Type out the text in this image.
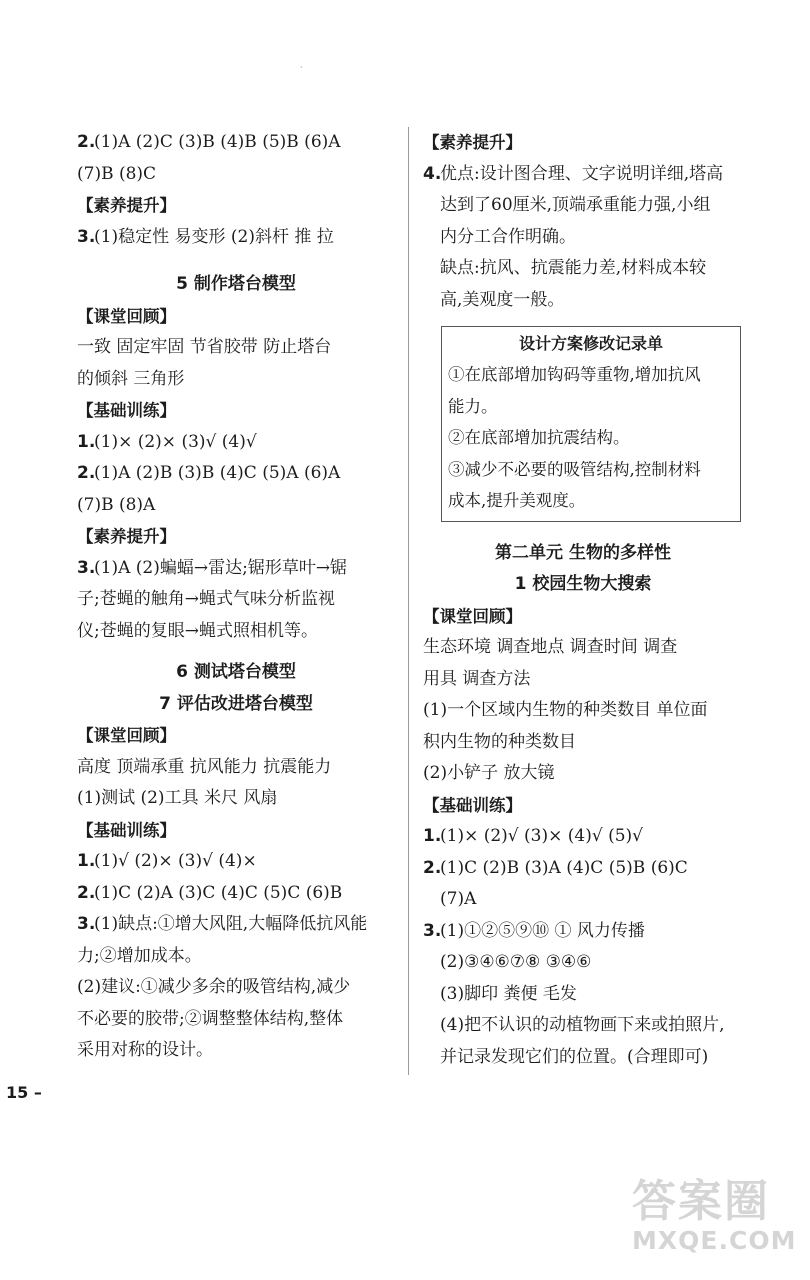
·

2.(1)A (2)C (3)B (4)B (5)B (6)A

(7)B (8)C

【素养提升】

3.(1)稳定性 易变形 (2)斜杆 推 拉

5 制作塔台模型

【课堂回顾】

一致 固定牢固 节省胶带 防止塔台

的倾斜 三角形

【基础训练】

1.(1)× (2)× (3)√ (4)√

2.(1)A (2)B (3)B (4)C (5)A (6)A

(7)B (8)A

【素养提升】

3.(1)A (2)蝙蝠→雷达;锯形草叶→锯

子;苍蝇的触角→蝇式气味分析监视

仪;苍蝇的复眼→蝇式照相机等。

6 测试塔台模型

7 评估改进塔台模型

【课堂回顾】

高度 顶端承重 抗风能力 抗震能力

(1)测试 (2)工具 米尺 风扇

【基础训练】

1.(1)√ (2)× (3)√ (4)×

2.(1)C (2)A (3)C (4)C (5)C (6)B

3.(1)缺点:①增大风阻,大幅降低抗风能

力;②增加成本。

(2)建议:①减少多余的吸管结构,减少

不必要的胶带;②调整整体结构,整体

采用对称的设计。

【素养提升】

4.优点:设计图合理、文字说明详细,塔高

达到了60厘米,顶端承重能力强,小组

内分工合作明确。

缺点:抗风、抗震能力差,材料成本较

高,美观度一般。

设计方案修改记录单

①在底部增加钩码等重物,增加抗风

能力。

②在底部增加抗震结构。

③减少不必要的吸管结构,控制材料

成本,提升美观度。

第二单元 生物的多样性

1 校园生物大搜索

【课堂回顾】

生态环境 调查地点 调查时间 调查

用具 调查方法

(1)一个区域内生物的种类数目 单位面

积内生物的种类数目

(2)小铲子 放大镜

【基础训练】

1.(1)× (2)√ (3)× (4)√ (5)√

2.(1)C (2)B (3)A (4)C (5)B (6)C

(7)A

3.(1)①②⑤⑨⑩ ① 风力传播

(2)③④⑥⑦⑧ ③④⑥

(3)脚印 粪便 毛发

(4)把不认识的动植物画下来或拍照片,

并记录发现它们的位置。(合理即可)

15 –
答案圈
MXQE.COM
